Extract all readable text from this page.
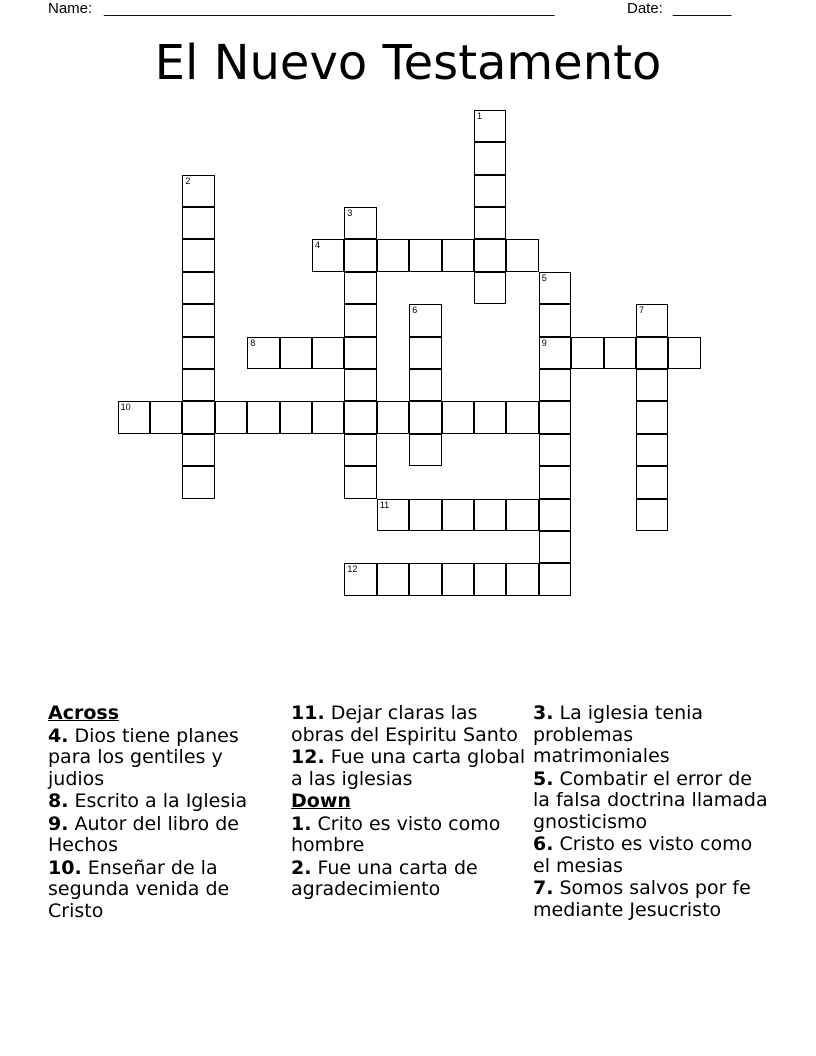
Name: ______________________________________________________	Date: _______
El Nuevo Testamento
1
2
3
4
5
9
6	7
8
10
11
12
Across
4. Dios tiene planes para los gentiles y judios
8. Escrito a la Iglesia
9. Autor del libro de Hechos
10. Enseñar de la segunda venida de Cristo
11. Dejar claras las obras del Espiritu Santo
12. Fue una carta global a las iglesias
Down
1. Crito es visto como hombre
2. Fue una carta de agradecimiento
3. La iglesia tenia problemas matrimoniales
5. Combatir el error de la falsa doctrina llamada gnosticismo
6. Cristo es visto como el mesias
7. Somos salvos por fe mediante Jesucristo
